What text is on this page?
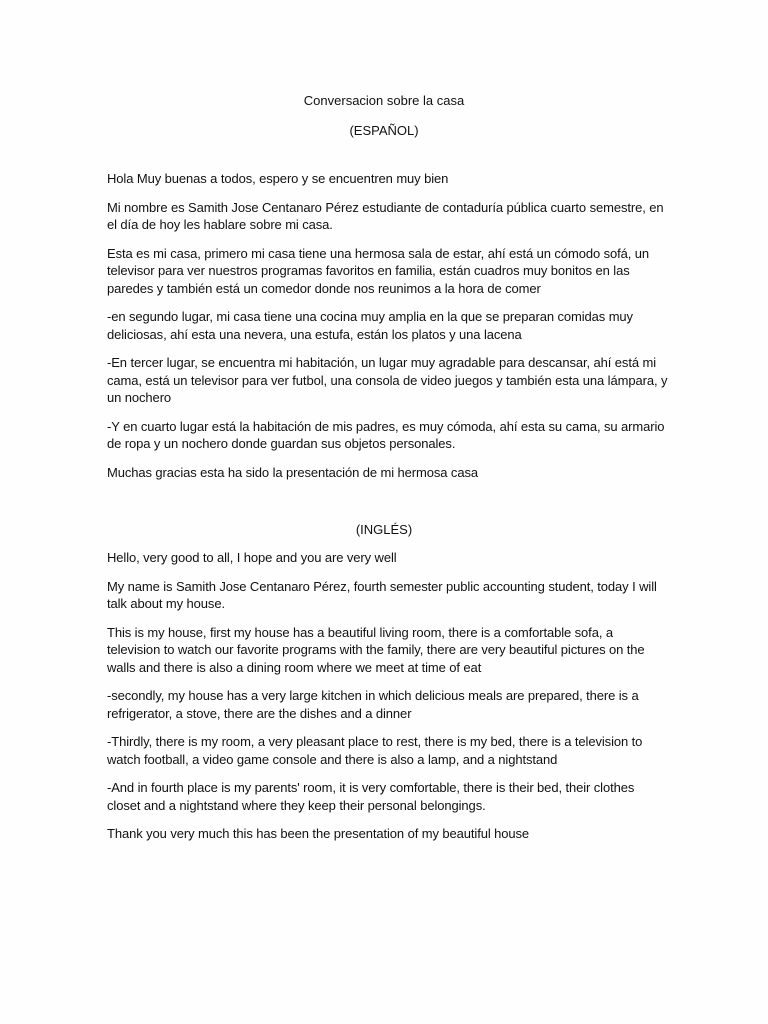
Conversacion sobre la casa
(ESPAÑOL)

Hola Muy buenas a todos, espero y se encuentren muy bien

Mi nombre es Samith Jose Centanaro Pérez estudiante de contaduría pública cuarto semestre, en el día de hoy les hablare sobre mi casa.

Esta es mi casa, primero mi casa tiene una hermosa sala de estar, ahí está un cómodo sofá, un televisor para ver nuestros programas favoritos en familia, están cuadros muy bonitos en las paredes y también está un comedor donde nos reunimos a la hora de comer

-en segundo lugar, mi casa tiene una cocina muy amplia en la que se preparan comidas muy deliciosas, ahí esta una nevera, una estufa, están los platos y una lacena

-En tercer lugar, se encuentra mi habitación, un lugar muy agradable para descansar, ahí está mi cama, está un televisor para ver futbol, una consola de video juegos y también esta una lámpara, y un nochero

-Y en cuarto lugar está la habitación de mis padres, es muy cómoda, ahí esta su cama, su armario de ropa y un nochero donde guardan sus objetos personales.

Muchas gracias esta ha sido la presentación de mi hermosa casa

(INGLÉS)

Hello, very good to all, I hope and you are very well

My name is Samith Jose Centanaro Pérez, fourth semester public accounting student, today I will talk about my house.

This is my house, first my house has a beautiful living room, there is a comfortable sofa, a television to watch our favorite programs with the family, there are very beautiful pictures on the walls and there is also a dining room where we meet at time of eat

-secondly, my house has a very large kitchen in which delicious meals are prepared, there is a refrigerator, a stove, there are the dishes and a dinner

-Thirdly, there is my room, a very pleasant place to rest, there is my bed, there is a television to watch football, a video game console and there is also a lamp, and a nightstand

-And in fourth place is my parents' room, it is very comfortable, there is their bed, their clothes closet and a nightstand where they keep their personal belongings.

Thank you very much this has been the presentation of my beautiful house
